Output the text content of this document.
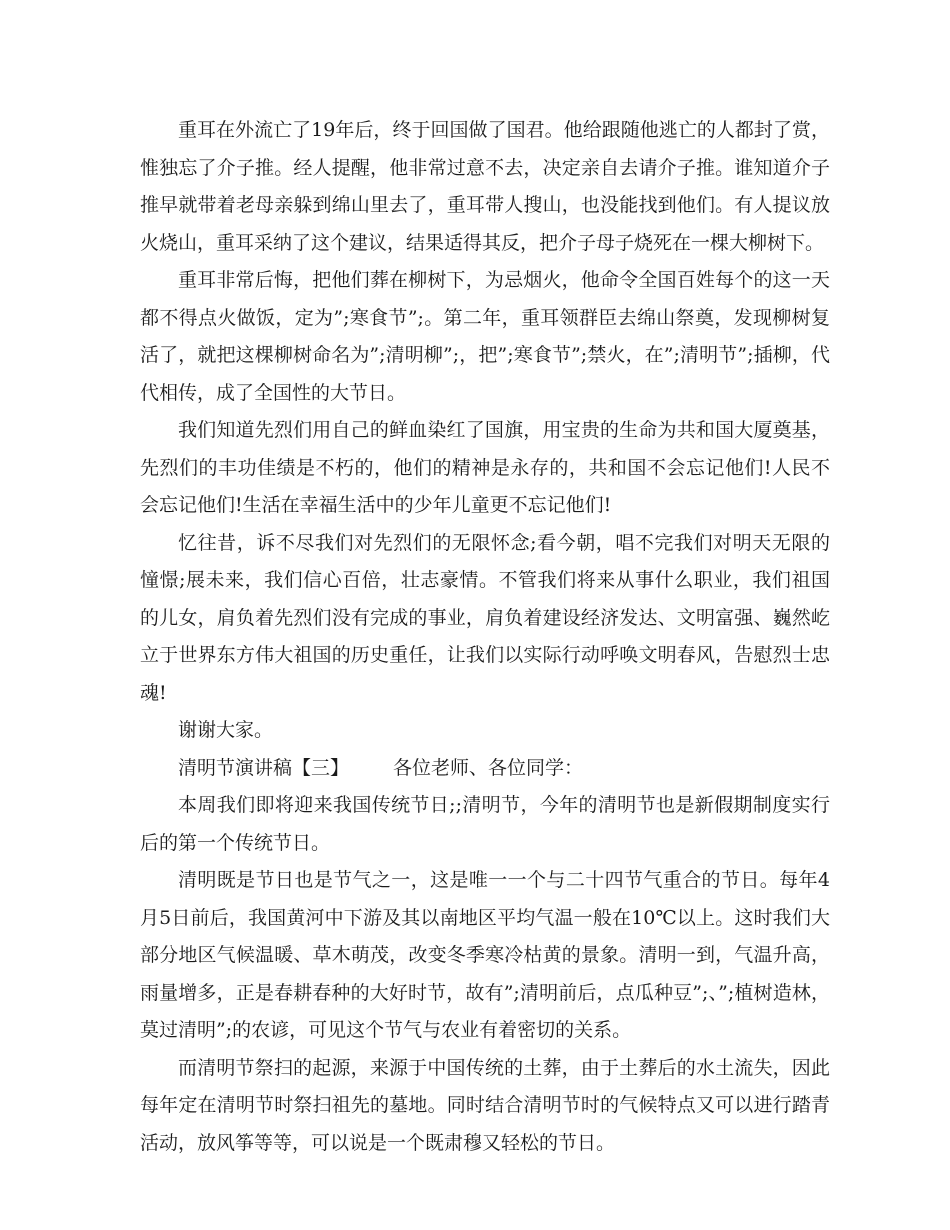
重耳在外流亡了19年后，终于回国做了国君。他给跟随他逃亡的人都封了赏，惟独忘了介子推。经人提醒，他非常过意不去，决定亲自去请介子推。谁知道介子推早就带着老母亲躲到绵山里去了，重耳带人搜山，也没能找到他们。有人提议放火烧山，重耳采纳了这个建议，结果适得其反，把介子母子烧死在一棵大柳树下。

重耳非常后悔，把他们葬在柳树下，为忌烟火，他命令全国百姓每个的这一天都不得点火做饭，定为”;寒食节”;。第二年，重耳领群臣去绵山祭奠，发现柳树复活了，就把这棵柳树命名为”;清明柳”;，把”;寒食节”;禁火，在”;清明节”;插柳，代代相传，成了全国性的大节日。

我们知道先烈们用自己的鲜血染红了国旗，用宝贵的生命为共和国大厦奠基，先烈们的丰功佳绩是不朽的，他们的精神是永存的，共和国不会忘记他们!人民不会忘记他们!生活在幸福生活中的少年儿童更不忘记他们!

忆往昔，诉不尽我们对先烈们的无限怀念;看今朝，唱不完我们对明天无限的憧憬;展未来，我们信心百倍，壮志豪情。不管我们将来从事什么职业，我们祖国的儿女，肩负着先烈们没有完成的事业，肩负着建设经济发达、文明富强、巍然屹立于世界东方伟大祖国的历史重任，让我们以实际行动呼唤文明春风，告慰烈士忠魂!

谢谢大家。

清明节演讲稿【三】 各位老师、各位同学：

本周我们即将迎来我国传统节日;;清明节，今年的清明节也是新假期制度实行后的第一个传统节日。

清明既是节日也是节气之一，这是唯一一个与二十四节气重合的节日。每年4月5日前后，我国黄河中下游及其以南地区平均气温一般在10℃以上。这时我们大部分地区气候温暖、草木萌茂，改变冬季寒冷枯黄的景象。清明一到，气温升高，雨量增多，正是春耕春种的大好时节，故有”;清明前后，点瓜种豆”;、”;植树造林，莫过清明”;的农谚，可见这个节气与农业有着密切的关系。

而清明节祭扫的起源，来源于中国传统的土葬，由于土葬后的水土流失，因此每年定在清明节时祭扫祖先的墓地。同时结合清明节时的气候特点又可以进行踏青活动，放风筝等等，可以说是一个既肃穆又轻松的节日。
